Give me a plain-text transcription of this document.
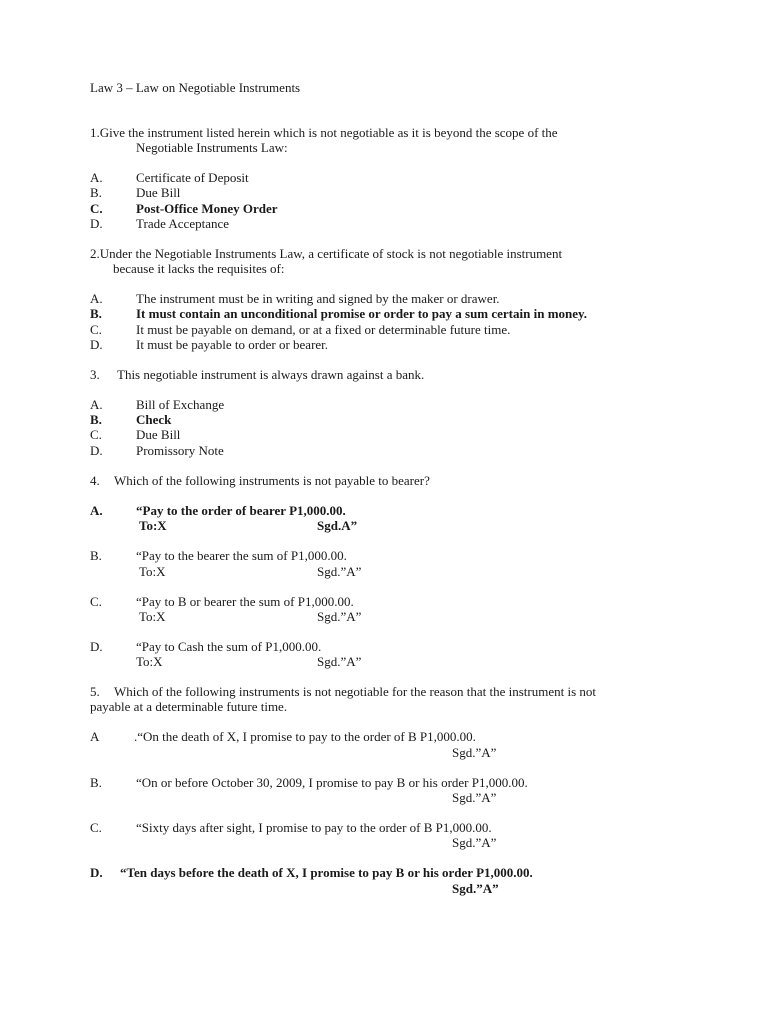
Law 3 – Law on Negotiable Instruments
1.Give the instrument listed herein which is not negotiable as it is beyond the scope of the
Negotiable Instruments Law:
A.	Certificate of Deposit
B.	Due Bill
C.	Post-Office Money Order
D.	Trade Acceptance
2.Under the Negotiable Instruments Law, a certificate of stock is not negotiable instrument
because it lacks the requisites of:
A.	The instrument must be in writing and signed by the maker or drawer.
B.	It must contain an unconditional promise or order to pay a sum certain in money.
C.	It must be payable on demand, or at a fixed or determinable future time.
D.	It must be payable to order or bearer.
3. This negotiable instrument is always drawn against a bank.
A.	Bill of Exchange
B.	Check
C.	Due Bill
D.	Promissory Note
4. Which of the following instruments is not payable to bearer?
A.	“Pay to the order of bearer P1,000.00.
To:X	Sgd.A”
B.	“Pay to the bearer the sum of P1,000.00.
To:X	Sgd.”A”
C.	“Pay to B or bearer the sum of P1,000.00.
To:X	Sgd.”A”
D.	“Pay to Cash the sum of P1,000.00.
To:X	Sgd.”A”
5. Which of the following instruments is not negotiable for the reason that the instrument is not
payable at a determinable future time.
A	.“On the death of X, I promise to pay to the order of B P1,000.00.
Sgd.”A”
B.	“On or before October 30, 2009, I promise to pay B or his order P1,000.00.
Sgd.”A”
C.	“Sixty days after sight, I promise to pay to the order of B P1,000.00.
Sgd.”A”
D. “Ten days before the death of X, I promise to pay B or his order P1,000.00.
Sgd.”A”
